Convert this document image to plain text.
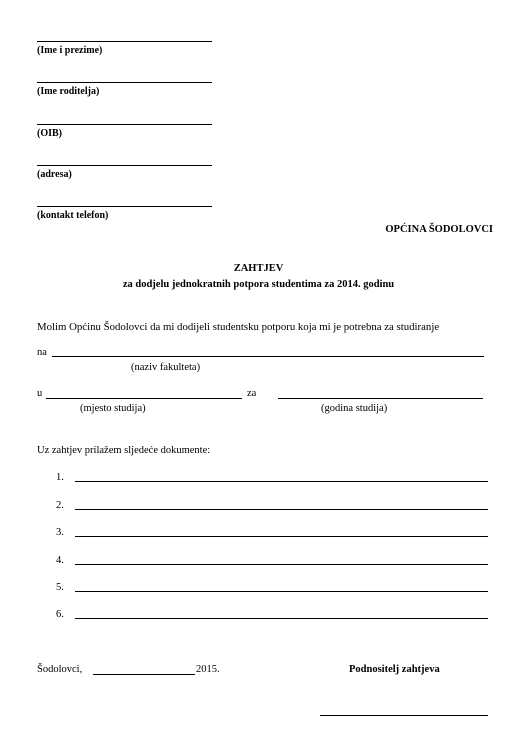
(Ime i prezime)
(Ime roditelja)
(OIB)
(adresa)
(kontakt telefon)
OPĆINA ŠODOLOVCI
ZAHTJEV
za dodjelu jednokratnih potpora studentima za 2014. godinu
Molim Općinu Šodolovci da mi dodijeli studentsku potporu koja mi je potrebna za studiranje
na
(naziv fakulteta)
u	za
(mjesto studija)	(godina studija)
Uz zahtjev prilažem sljedeće dokumente:
1.
2.
3.
4.
5.
6.
Šodolovci,	2015.	Podnositelj zahtjeva
